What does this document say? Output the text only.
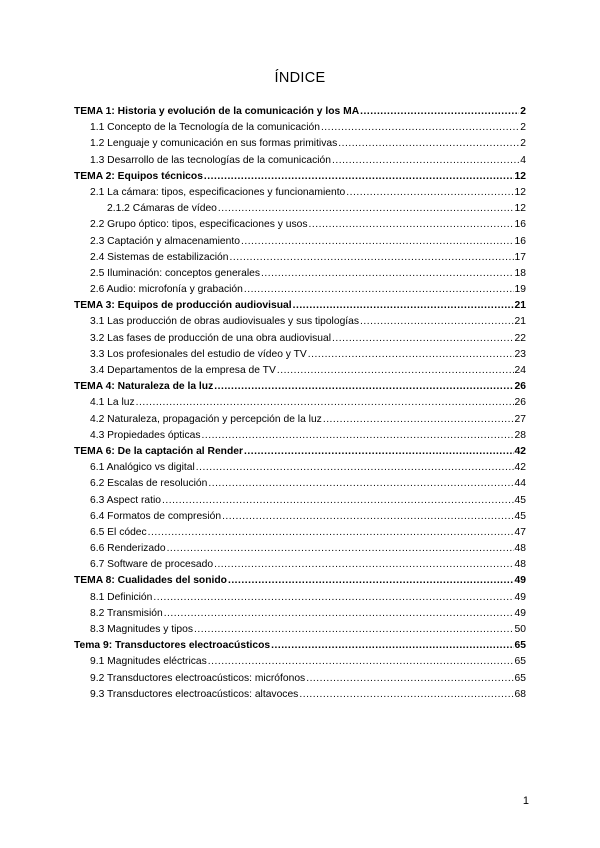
ÍNDICE
TEMA 1: Historia y evolución de la comunicación y los MA .....	2
1.1 Concepto de la Tecnología de la comunicación .....	2
1.2 Lenguaje y comunicación en sus formas primitivas .....	2
1.3 Desarrollo de las tecnologías de la comunicación .....	4
TEMA 2: Equipos técnicos .....	12
2.1 La cámara: tipos, especificaciones y funcionamiento .....	12
2.1.2 Cámaras de vídeo .....	12
2.2 Grupo óptico: tipos, especificaciones y usos .....	16
2.3 Captación y almacenamiento .....	16
2.4 Sistemas de estabilización .....	17
2.5 Iluminación: conceptos generales .....	18
2.6 Audio: microfonía y grabación .....	19
TEMA 3: Equipos de producción audiovisual .....	21
3.1 Las producción de obras audiovisuales y sus tipologías .....	21
3.2 Las fases de producción de una obra audiovisual .....	22
3.3 Los profesionales del estudio de vídeo y TV .....	23
3.4 Departamentos de la empresa de TV .....	24
TEMA 4: Naturaleza de la luz .....	26
4.1 La luz .....	26
4.2 Naturaleza, propagación y percepción de la luz .....	27
4.3 Propiedades ópticas .....	28
TEMA 6: De la captación al Render .....	42
6.1 Analógico vs digital .....	42
6.2 Escalas de resolución .....	44
6.3 Aspect ratio .....	45
6.4 Formatos de compresión .....	45
6.5 El códec .....	47
6.6 Renderizado .....	48
6.7 Software de procesado .....	48
TEMA 8: Cualidades del sonido .....	49
8.1 Definición .....	49
8.2 Transmisión .....	49
8.3 Magnitudes y tipos .....	50
Tema 9: Transductores electroacústicos .....	65
9.1 Magnitudes eléctricas .....	65
9.2 Transductores electroacústicos: micrófonos .....	65
9.3 Transductores electroacústicos: altavoces .....	68
1
